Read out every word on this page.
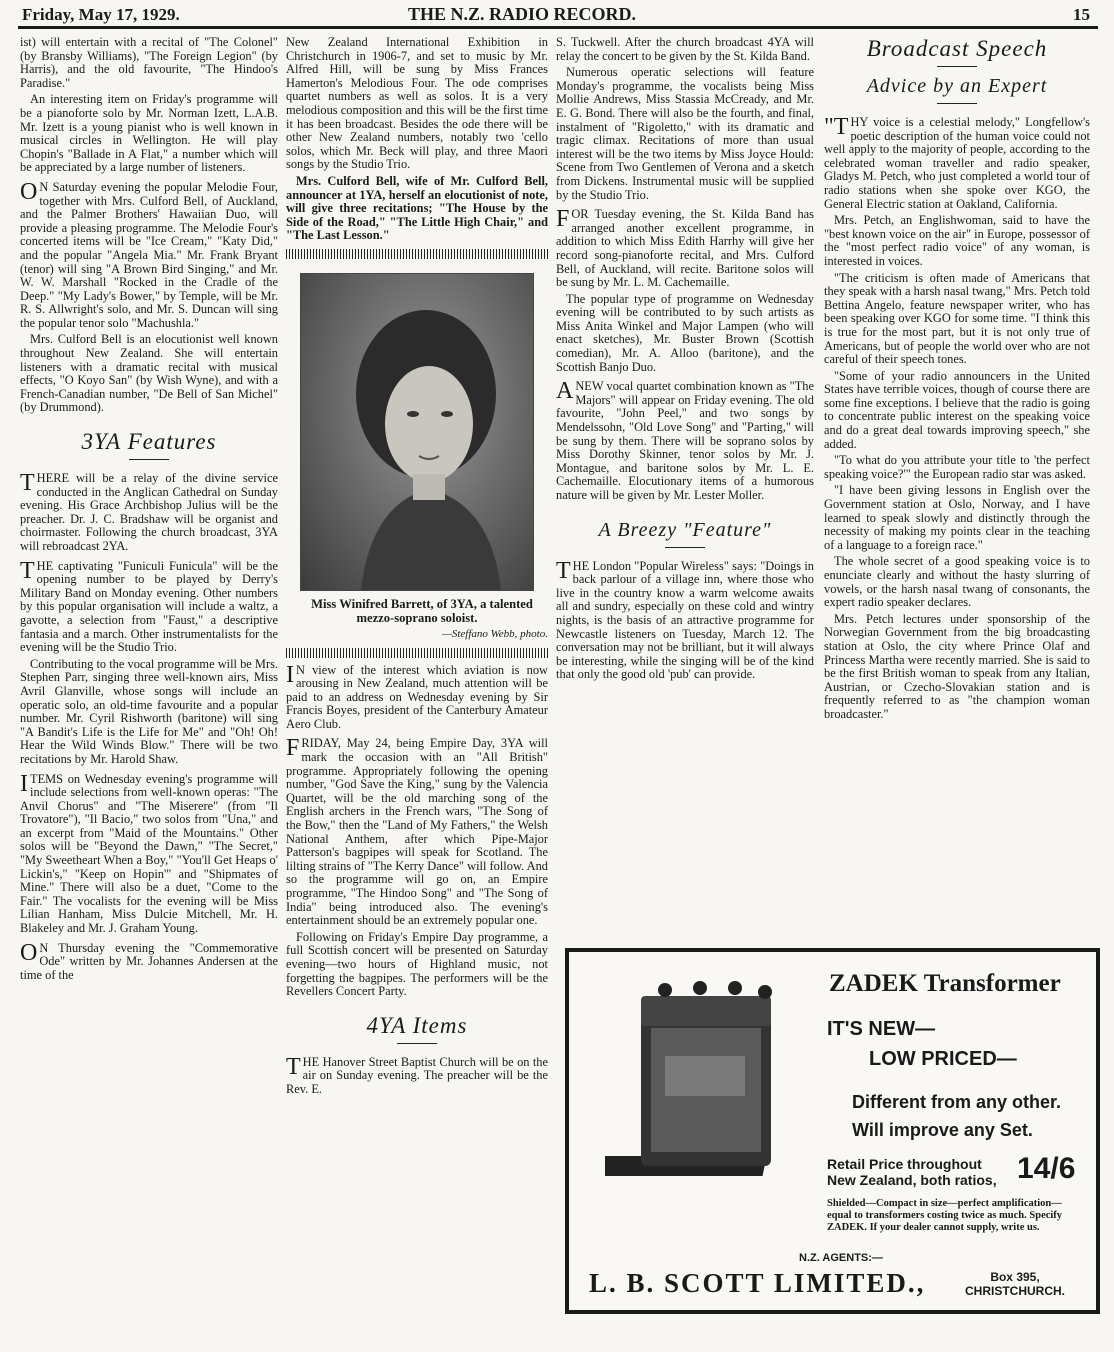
Friday, May 17, 1929.	THE N.Z. RADIO RECORD.	15

ist) will entertain with a recital of "The Colonel" (by Bransby Williams), "The Foreign Legion" (by Harris), and the old favourite, "The Hindoo's Paradise."

An interesting item on Friday's programme will be a pianoforte solo by Mr. Norman Izett, L.A.B. Mr. Izett is a young pianist who is well known in musical circles in Wellington. He will play Chopin's "Ballade in A Flat," a number which will be appreciated by a large number of listeners.

O N Saturday evening the popular Melodie Four, together with Mrs. Culford Bell, of Auckland, and the Palmer Brothers' Hawaiian Duo, will provide a pleasing programme. The Melodie Four's concerted items will be "Ice Cream," "Katy Did," and the popular "Angela Mia." Mr. Frank Bryant (tenor) will sing "A Brown Bird Singing," and Mr. W. W. Marshall "Rocked in the Cradle of the Deep." "My Lady's Bower," by Temple, will be Mr. R. S. Allwright's solo, and Mr. S. Duncan will sing the popular tenor solo "Machushla."

Mrs. Culford Bell is an elocutionist well known throughout New Zealand. She will entertain listeners with a dramatic recital with musical effects, "O Koyo San" (by Wish Wyne), and with a French-Canadian number, "De Bell of San Michel" (by Drummond).

3YA Features

THERE will be a relay of the divine service conducted in the Anglican Cathedral on Sunday evening. His Grace Archbishop Julius will be the preacher. Dr. J. C. Bradshaw will be organist and choirmaster. Following the church broadcast, 3YA will rebroadcast 2YA.

THE captivating "Funiculi Funicula" will be the opening number to be played by Derry's Military Band on Monday evening. Other numbers by this popular organisation will include a waltz, a gavotte, a selection from "Faust," a descriptive fantasia and a march. Other instrumentalists for the evening will be the Studio Trio.

Contributing to the vocal programme will be Mrs. Stephen Parr, singing three well-known airs, Miss Avril Glanville, whose songs will include an operatic solo, an old-time favourite and a popular number. Mr. Cyril Rishworth (baritone) will sing "A Bandit's Life is the Life for Me" and "Oh! Oh! Hear the Wild Winds Blow." There will be two recitations by Mr. Harold Shaw.

ITEMS on Wednesday evening's programme will include selections from well-known operas: "The Anvil Chorus" and "The Miserere" (from "Il Trovatore"), "Il Bacio," two solos from "Una," and an excerpt from "Maid of the Mountains." Other solos will be "Beyond the Dawn," "The Secret," "My Sweetheart When a Boy," "You'll Get Heaps o' Lickin's," "Keep on Hopin'" and "Shipmates of Mine." There will also be a duet, "Come to the Fair." The vocalists for the evening will be Miss Lilian Hanham, Miss Dulcie Mitchell, Mr. H. Blakeley and Mr. J. Graham Young.

O N Thursday evening the "Commemorative Ode" written by Mr. Johannes Andersen at the time of the

New Zealand International Exhibition in Christchurch in 1906-7, and set to music by Mr. Alfred Hill, will be sung by Miss Frances Hamerton's Melodious Four. The ode comprises quartet numbers as well as solos. It is a very melodious composition and this will be the first time it has been broadcast. Besides the ode there will be other New Zealand numbers, notably two 'cello solos, which Mr. Beck will play, and three Maori songs by the Studio Trio.

Mrs. Culford Bell, wife of Mr. Culford Bell, announcer at 1YA, herself an elocutionist of note, will give three recitations; "The House by the Side of the Road," "The Little High Chair," and "The Last Lesson."

Miss Winifred Barrett, of 3YA, a talented mezzo-soprano soloist.

—Steffano Webb, photo.

I N view of the interest which aviation is now arousing in New Zealand, much attention will be paid to an address on Wednesday evening by Sir Francis Boyes, president of the Canterbury Amateur Aero Club.

FRIDAY, May 24, being Empire Day, 3YA will mark the occasion with an "All British" programme. Appropriately following the opening number, "God Save the King," sung by the Valencia Quartet, will be the old marching song of the English archers in the French wars, "The Song of the Bow," then the "Land of My Fathers," the Welsh National Anthem, after which Pipe-Major Patterson's bagpipes will speak for Scotland. The lilting strains of "The Kerry Dance" will follow. And so the programme will go on, an Empire programme, "The Hindoo Song" and "The Song of India" being introduced also. The evening's entertainment should be an extremely popular one.

Following on Friday's Empire Day programme, a full Scottish concert will be presented on Saturday evening—two hours of Highland music, not forgetting the bagpipes. The performers will be the Revellers Concert Party.

4YA Items

THE Hanover Street Baptist Church will be on the air on Sunday evening. The preacher will be the Rev. E.

S. Tuckwell. After the church broadcast 4YA will relay the concert to be given by the St. Kilda Band.

Numerous operatic selections will feature Monday's programme, the vocalists being Miss Mollie Andrews, Miss Stassia McCready, and Mr. E. G. Bond. There will also be the fourth, and final, instalment of "Rigoletto," with its dramatic and tragic climax. Recitations of more than usual interest will be the two items by Miss Joyce Hould: Scene from Two Gentlemen of Verona and a sketch from Dickens. Instrumental music will be supplied by the Studio Trio.

FOR Tuesday evening, the St. Kilda Band has arranged another excellent programme, in addition to which Miss Edith Harrhy will give her record song-pianoforte recital, and Mrs. Culford Bell, of Auckland, will recite. Baritone solos will be sung by Mr. L. M. Cachemaille.

The popular type of programme on Wednesday evening will be contributed to by such artists as Miss Anita Winkel and Major Lampen (who will enact sketches), Mr. Buster Brown (Scottish comedian), Mr. A. Alloo (baritone), and the Scottish Banjo Duo.

ANEW vocal quartet combination known as "The Majors" will appear on Friday evening. The old favourite, "John Peel," and two songs by Mendelssohn, "Old Love Song" and "Parting," will be sung by them. There will be soprano solos by Miss Dorothy Skinner, tenor solos by Mr. J. Montague, and baritone solos by Mr. L. E. Cachemaille. Elocutionary items of a humorous nature will be given by Mr. Lester Moller.

A Breezy "Feature"

THE London "Popular Wireless" says: "Doings in back parlour of a village inn, where those who live in the country know a warm welcome awaits all and sundry, especially on these cold and wintry nights, is the basis of an attractive programme for Newcastle listeners on Tuesday, March 12. The conversation may not be brilliant, but it will always be interesting, while the singing will be of the kind that only the good old 'pub' can provide.

Broadcast Speech
Advice by an Expert

"THY voice is a celestial melody," Longfellow's poetic description of the human voice could not well apply to the majority of people, according to the celebrated woman traveller and radio speaker, Gladys M. Petch, who just completed a world tour of radio stations when she spoke over KGO, the General Electric station at Oakland, California.

Mrs. Petch, an Englishwoman, said to have the "best known voice on the air" in Europe, possessor of the "most perfect radio voice" of any woman, is interested in voices.

"The criticism is often made of Americans that they speak with a harsh nasal twang," Mrs. Petch told Bettina Angelo, feature newspaper writer, who has been speaking over KGO for some time. "I think this is true for the most part, but it is not only true of Americans, but of people the world over who are not careful of their speech tones.

"Some of your radio announcers in the United States have terrible voices, though of course there are some fine exceptions. I believe that the radio is going to concentrate public interest on the speaking voice and do a great deal towards improving speech," she added.

"To what do you attribute your title to 'the perfect speaking voice?'" the European radio star was asked.

"I have been giving lessons in English over the Government station at Oslo, Norway, and I have learned to speak slowly and distinctly through the necessity of making my points clear in the teaching of a language to a foreign race."

The whole secret of a good speaking voice is to enunciate clearly and without the hasty slurring of vowels, or the harsh nasal twang of consonants, the expert radio speaker declares.

Mrs. Petch lectures under sponsorship of the Norwegian Government from the big broadcasting station at Oslo, the city where Prince Olaf and Princess Martha were recently married. She is said to be the first British woman to speak from any Italian, Austrian, or Czecho-Slovakian station and is frequently referred to as "the champion woman broadcaster."

ZADEK Transformer
IT'S NEW—
LOW PRICED—
Different from any other.
Will improve any Set.
Retail Price throughout New Zealand, both ratios, 14/6
Shielded—Compact in size—perfect amplification—equal to transformers costing twice as much. Specify ZADEK. If your dealer cannot supply, write us.
N.Z. AGENTS:—
L. B. SCOTT LIMITED.,	Box 395,
CHRISTCHURCH.
